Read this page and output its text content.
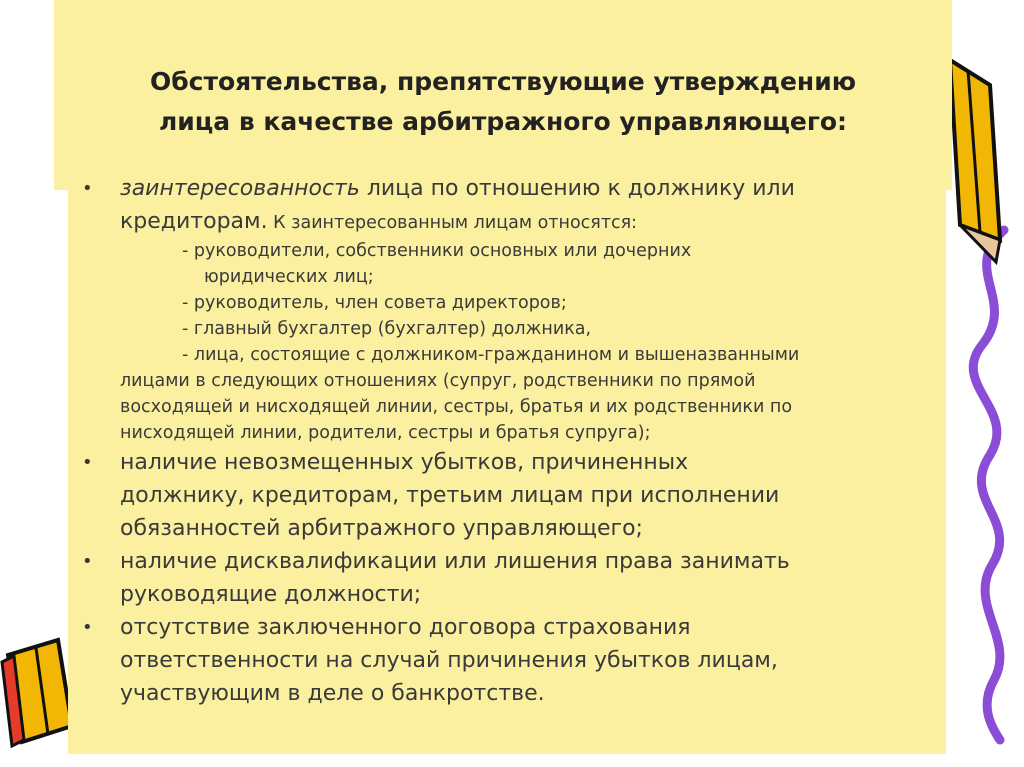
Обстоятельства, препятствующие утверждению
лица в качестве арбитражного управляющего:
• заинтересованность лица по отношению к должнику или
кредиторам. К заинтересованным лицам относятся:
- руководители, собственники основных или дочерних
юридических лиц;
- руководитель, член совета директоров;
- главный бухгалтер (бухгалтер) должника,
- лица, состоящие с должником-гражданином и вышеназванными
лицами в следующих отношениях (супруг, родственники по прямой
восходящей и нисходящей линии, сестры, братья и их родственники по
нисходящей линии, родители, сестры и братья супруга);
• наличие невозмещенных убытков, причиненных
должнику, кредиторам, третьим лицам при исполнении
обязанностей арбитражного управляющего;
• наличие дисквалификации или лишения права занимать
руководящие должности;
• отсутствие заключенного договора страхования
ответственности на случай причинения убытков лицам,
участвующим в деле о банкротстве.
